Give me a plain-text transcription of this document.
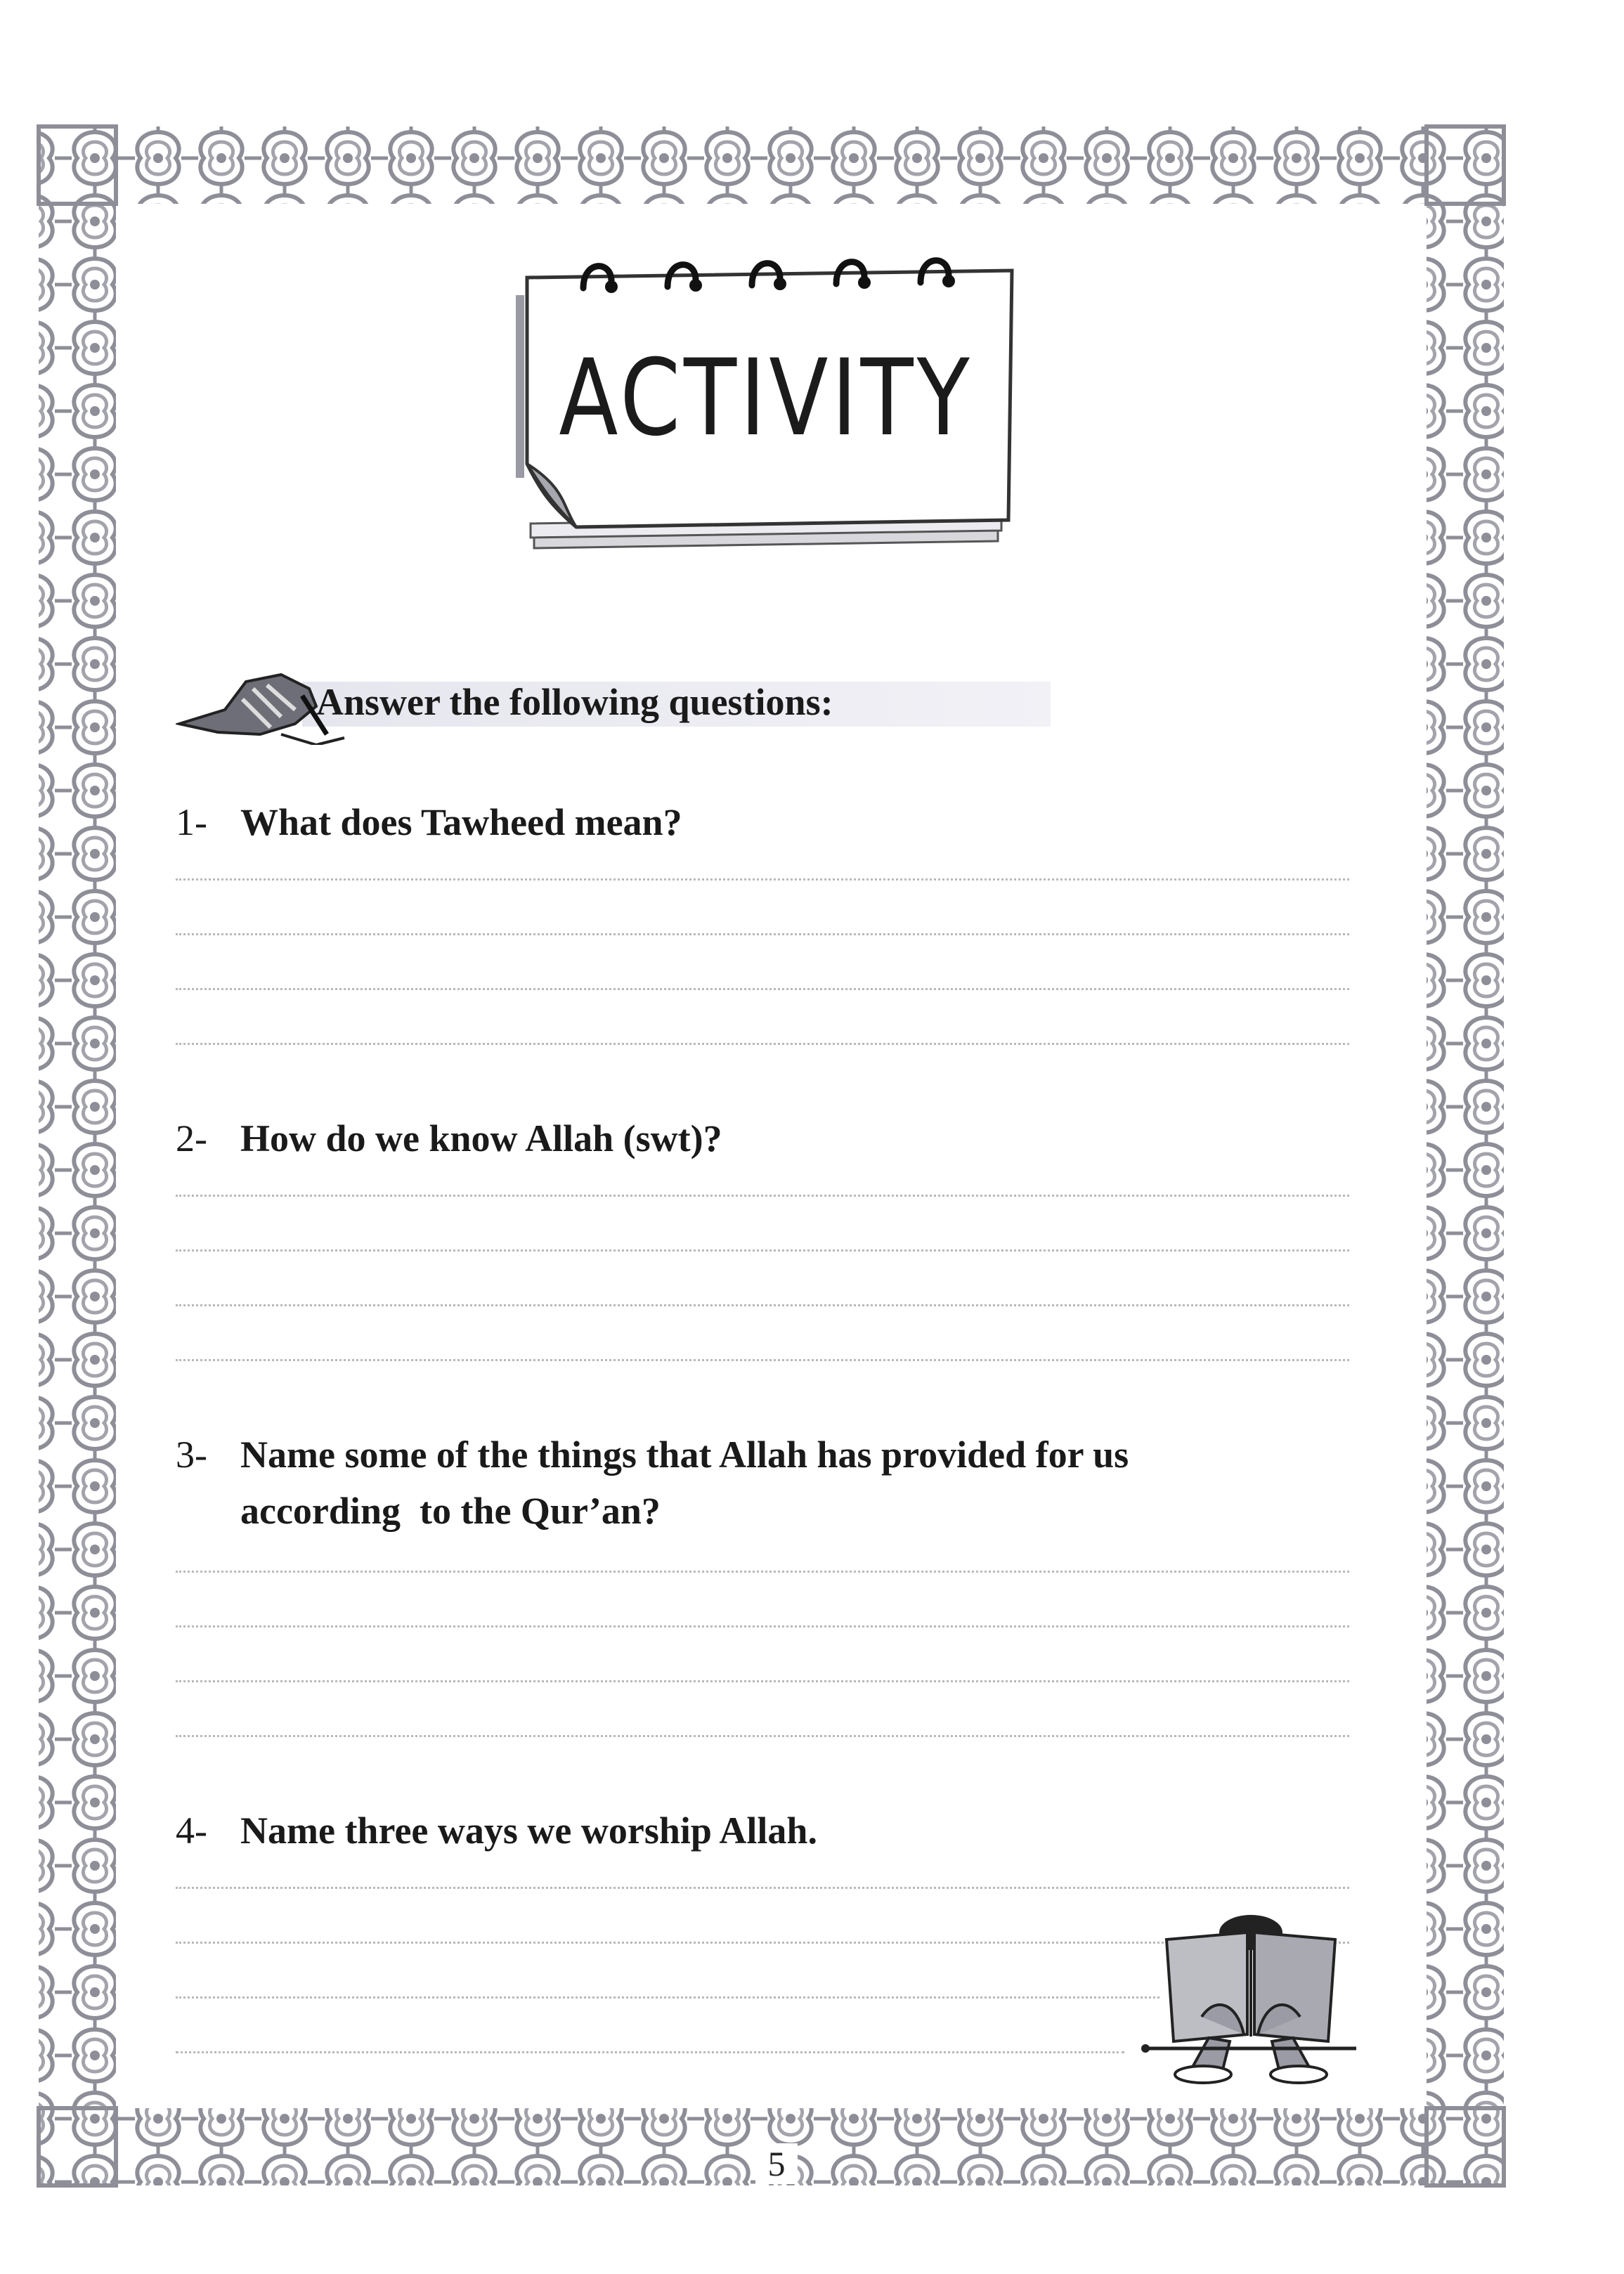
ACTIVITY
Answer the following questions:
1- What does Tawheed mean?
2- How do we know Allah (swt)?
3- Name some of the things that Allah has provided for us
according  to the Qur’an?
4- Name three ways we worship Allah.
5
